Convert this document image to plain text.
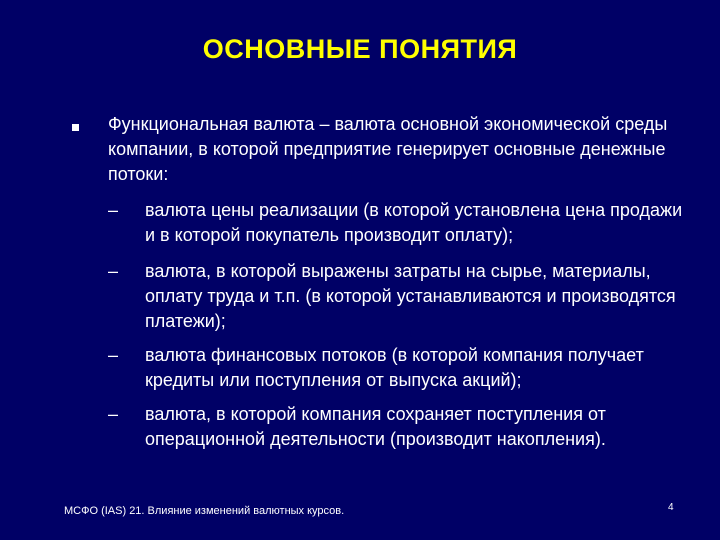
ОСНОВНЫЕ ПОНЯТИЯ
Функциональная валюта – валюта основной экономической среды компании, в которой предприятие генерирует основные денежные потоки:
–	валюта цены реализации (в которой установлена цена продажи и в которой покупатель производит оплату);
–	валюта, в которой выражены затраты на сырье, материалы, оплату труда и т.п. (в которой устанавливаются и производятся платежи);
–	валюта финансовых потоков (в которой компания получает кредиты или поступления от выпуска акций);
–	валюта, в которой компания сохраняет поступления от операционной деятельности (производит накопления).
МСФО (IAS) 21. Влияние изменений валютных курсов.	4
